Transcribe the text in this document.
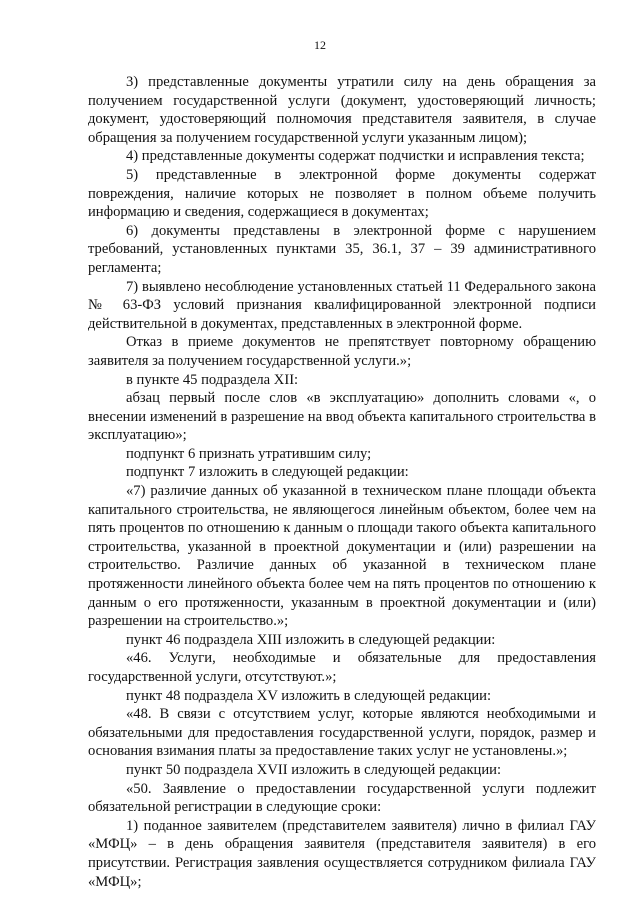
12

3) представленные документы утратили силу на день обращения за получением государственной услуги (документ, удостоверяющий личность; документ, удостоверяющий полномочия представителя заявителя, в случае обращения за получением государственной услуги указанным лицом);

4) представленные документы содержат подчистки и исправления текста;

5) представленные в электронной форме документы содержат повреждения, наличие которых не позволяет в полном объеме получить информацию и сведения, содержащиеся в документах;

6) документы представлены в электронной форме с нарушением требований, установленных пунктами 35, 36.1, 37 – 39 административного регламента;

7) выявлено несоблюдение установленных статьей 11 Федерального закона № 63-ФЗ условий признания квалифицированной электронной подписи действительной в документах, представленных в электронной форме.

Отказ в приеме документов не препятствует повторному обращению заявителя за получением государственной услуги.»;

в пункте 45 подраздела XII:

абзац первый после слов «в эксплуатацию» дополнить словами «, о внесении изменений в разрешение на ввод объекта капитального строительства в эксплуатацию»;

подпункт 6 признать утратившим силу;

подпункт 7 изложить в следующей редакции:

«7) различие данных об указанной в техническом плане площади объекта капитального строительства, не являющегося линейным объектом, более чем на пять процентов по отношению к данным о площади такого объекта капитального строительства, указанной в проектной документации и (или) разрешении на строительство. Различие данных об указанной в техническом плане протяженности линейного объекта более чем на пять процентов по отношению к данным о его протяженности, указанным в проектной документации и (или) разрешении на строительство.»;

пункт 46 подраздела XIII изложить в следующей редакции:

«46. Услуги, необходимые и обязательные для предоставления государственной услуги, отсутствуют.»;

пункт 48 подраздела XV изложить в следующей редакции:

«48. В связи с отсутствием услуг, которые являются необходимыми и обязательными для предоставления государственной услуги, порядок, размер и основания взимания платы за предоставление таких услуг не установлены.»;

пункт 50 подраздела XVII изложить в следующей редакции:

«50. Заявление о предоставлении государственной услуги подлежит обязательной регистрации в следующие сроки:

1) поданное заявителем (представителем заявителя) лично в филиал ГАУ «МФЦ» – в день обращения заявителя (представителя заявителя) в его присутствии. Регистрация заявления осуществляется сотрудником филиала ГАУ «МФЦ»;
